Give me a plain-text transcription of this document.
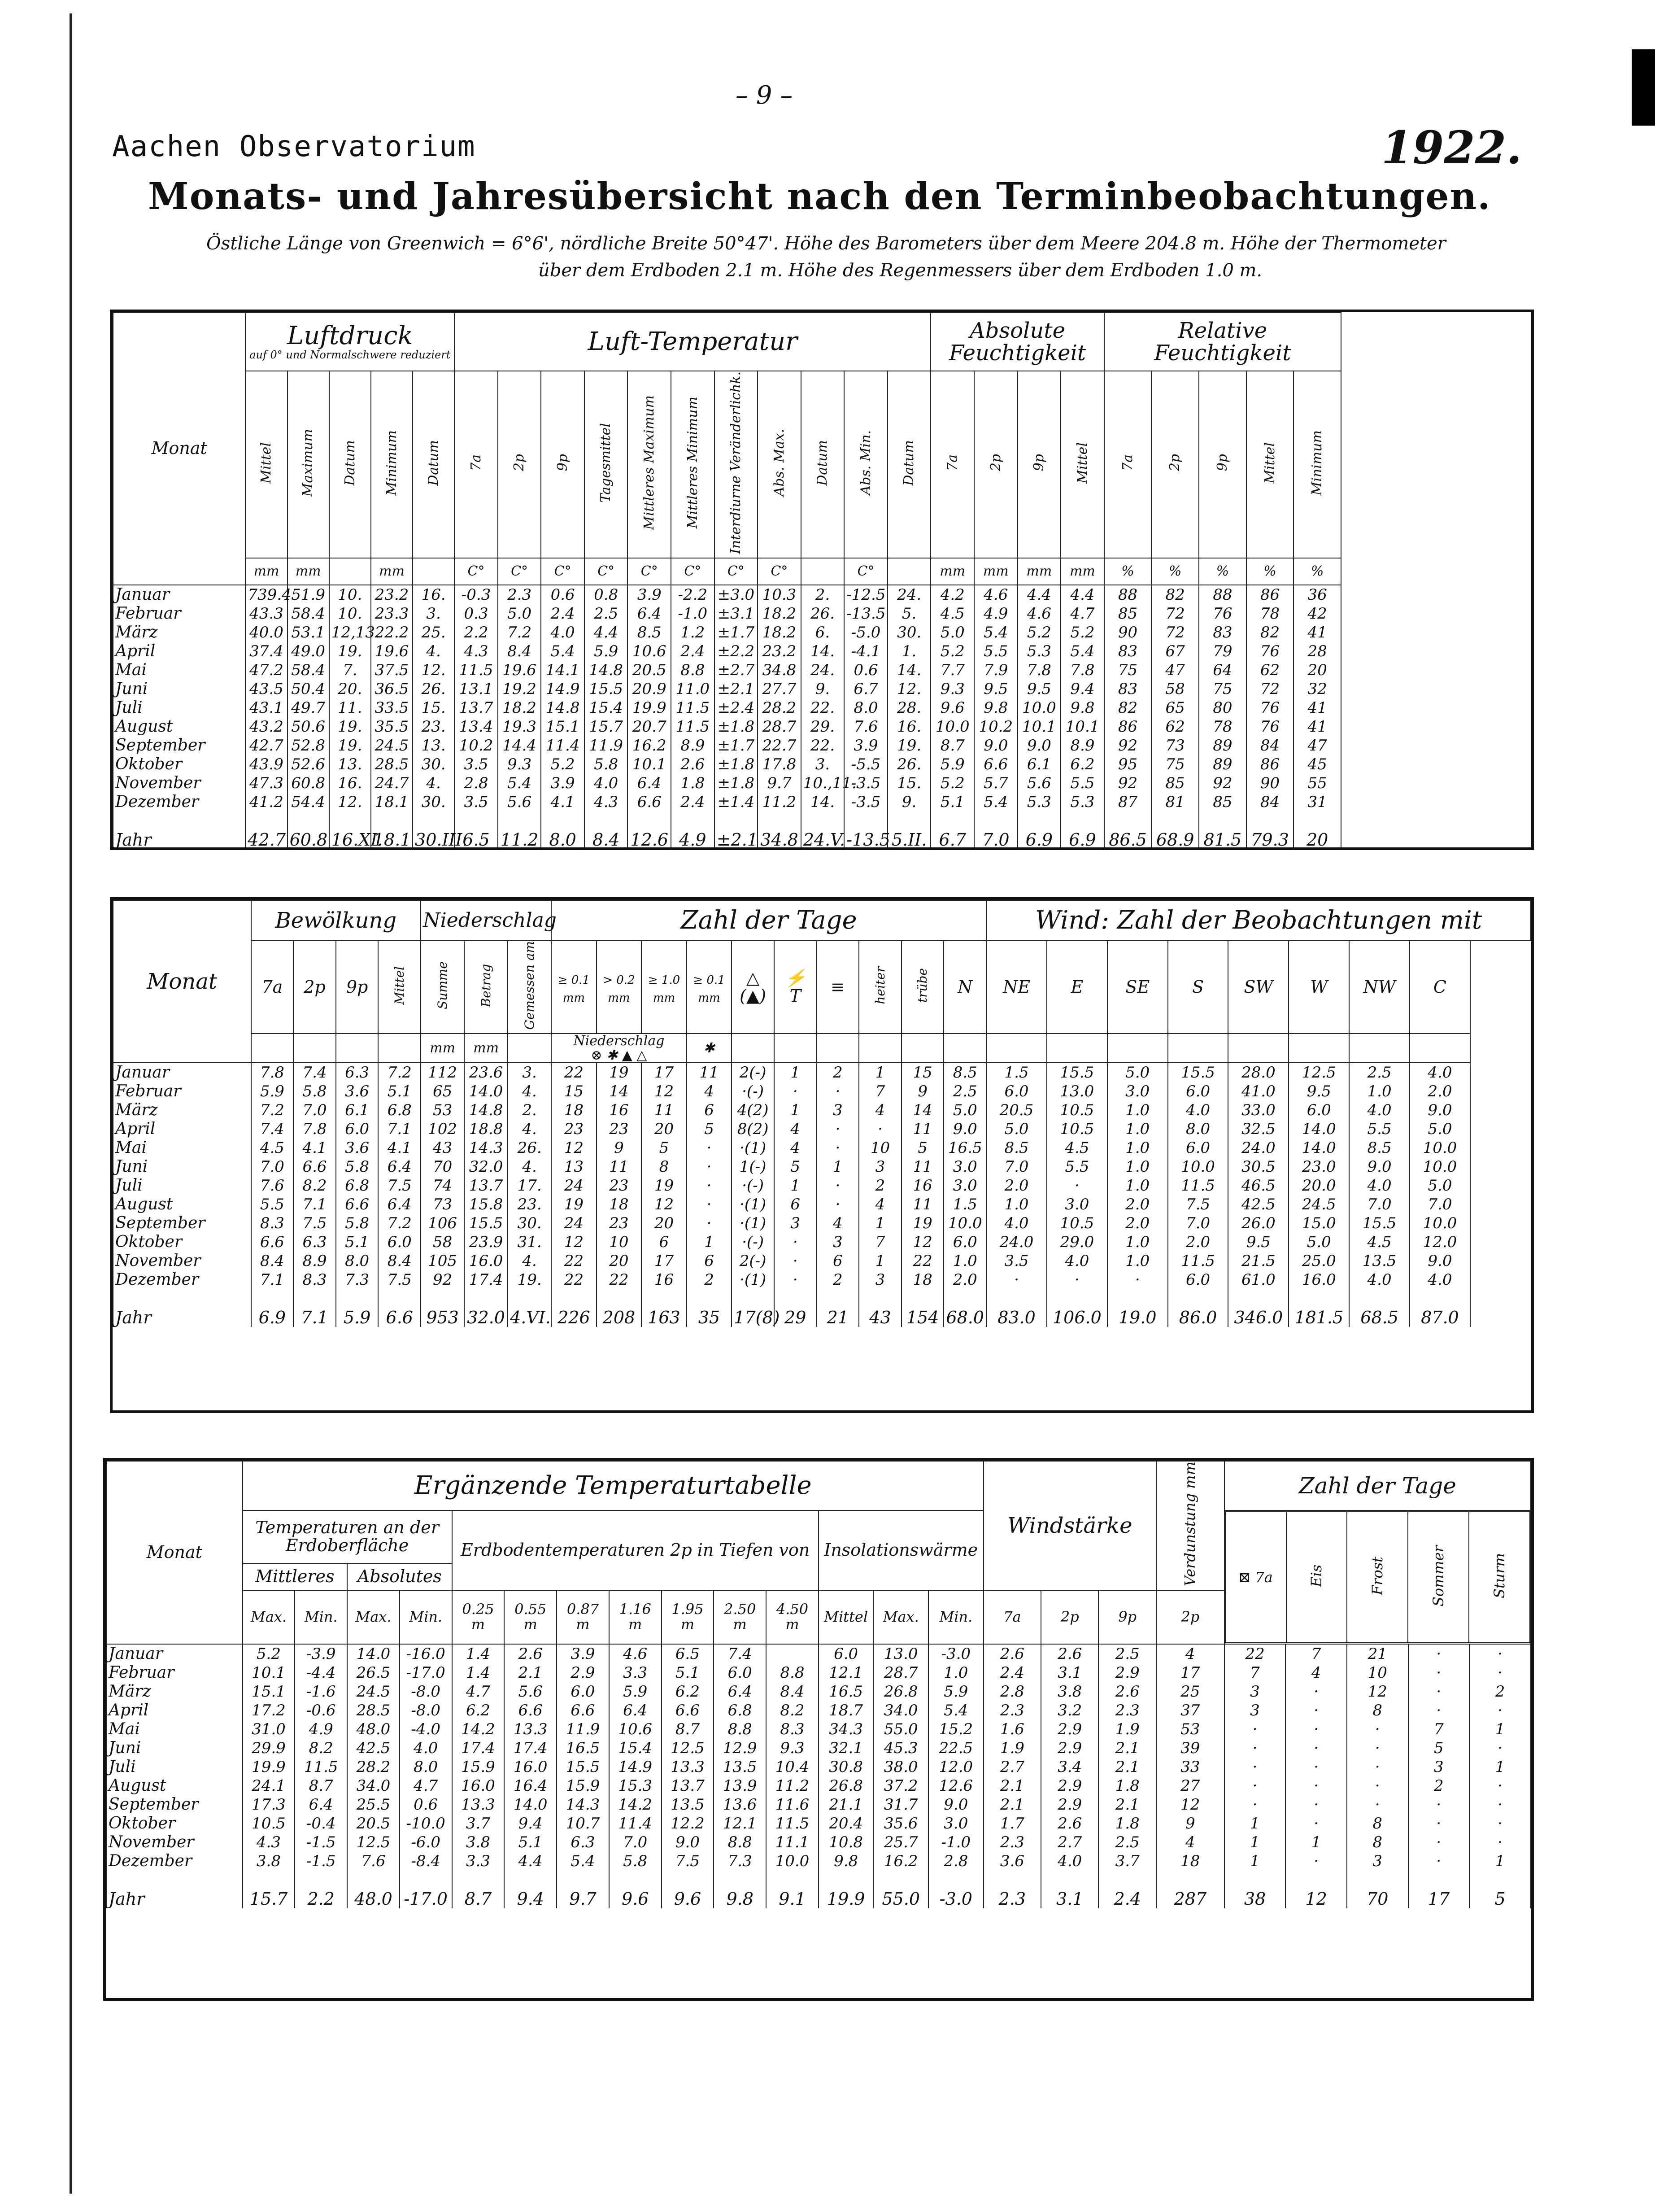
– 9 –
Aachen Observatorium	1922.
Monats- und Jahresübersicht nach den Terminbeobachtungen.
Östliche Länge von Greenwich = 6°6', nördliche Breite 50°47'. Höhe des Barometers über dem Meere 204.8 m. Höhe der Thermometer
über dem Erdboden 2.1 m. Höhe des Regenmessers über dem Erdboden 1.0 m.
Monat	Luftdruck
auf 0° und Normalschwere reduziert					Luft-Temperatur											Absolute Feuchtigkeit				Relative Feuchtigkeit				
	Mittel	Maximum	Datum	Minimum	Datum	7a	2p	9p	Tagesmittel	Mittleres Maximum	Mittleres Minimum	Interdiurne Veränderlichk.	Abs. Max.	Datum	Abs. Min.	Datum	7a	2p	9p	Mittel	7a	2p	9p	Mittel	Minimum
	mm	mm		mm		C°	C°	C°	C°	C°	C°	C°	C°		C°		mm	mm	mm	mm	%	%	%	%	%
Januar	739.4	51.9	10.	23.2	16.	-0.3	2.3	0.6	0.8	3.9	-2.2	±3.0	10.3	2.	-12.5	24.	4.2	4.6	4.4	4.4	88	82	88	86	36
Februar	43.3	58.4	10.	23.3	3.	0.3	5.0	2.4	2.5	6.4	-1.0	±3.1	18.2	26.	-13.5	5.	4.5	4.9	4.6	4.7	85	72	76	78	42
März	40.0	53.1	12,13.	22.2	25.	2.2	7.2	4.0	4.4	8.5	1.2	±1.7	18.2	6.	-5.0	30.	5.0	5.4	5.2	5.2	90	72	83	82	41
April	37.4	49.0	19.	19.6	4.	4.3	8.4	5.4	5.9	10.6	2.4	±2.2	23.2	14.	-4.1	1.	5.2	5.5	5.3	5.4	83	67	79	76	28
Mai	47.2	58.4	7.	37.5	12.	11.5	19.6	14.1	14.8	20.5	8.8	±2.7	34.8	24.	0.6	14.	7.7	7.9	7.8	7.8	75	47	64	62	20
Juni	43.5	50.4	20.	36.5	26.	13.1	19.2	14.9	15.5	20.9	11.0	±2.1	27.7	9.	6.7	12.	9.3	9.5	9.5	9.4	83	58	75	72	32
Juli	43.1	49.7	11.	33.5	15.	13.7	18.2	14.8	15.4	19.9	11.5	±2.4	28.2	22.	8.0	28.	9.6	9.8	10.0	9.8	82	65	80	76	41
August	43.2	50.6	19.	35.5	23.	13.4	19.3	15.1	15.7	20.7	11.5	±1.8	28.7	29.	7.6	16.	10.0	10.2	10.1	10.1	86	62	78	76	41
September	42.7	52.8	19.	24.5	13.	10.2	14.4	11.4	11.9	16.2	8.9	±1.7	22.7	22.	3.9	19.	8.7	9.0	9.0	8.9	92	73	89	84	47
Oktober	43.9	52.6	13.	28.5	30.	3.5	9.3	5.2	5.8	10.1	2.6	±1.8	17.8	3.	-5.5	26.	5.9	6.6	6.1	6.2	95	75	89	86	45
November	47.3	60.8	16.	24.7	4.	2.8	5.4	3.9	4.0	6.4	1.8	±1.8	9.7	10.,11.	-3.5	15.	5.2	5.7	5.6	5.5	92	85	92	90	55
Dezember	41.2	54.4	12.	18.1	30.	3.5	5.6	4.1	4.3	6.6	2.4	±1.4	11.2	14.	-3.5	9.	5.1	5.4	5.3	5.3	87	81	85	84	31

Jahr	42.7	60.8	16.XI.	18.1	30.III.	6.5	11.2	8.0	8.4	12.6	4.9	±2.1	34.8	24.V.	-13.5	5.II.	6.7	7.0	6.9	6.9	86.5	68.9	81.5	79.3	20
Monat	Bewölkung				Niederschlag			Zahl der Tage										Wind: Zahl der Beobachtungen mit							
	7a	2p	9p	Mittel	Summe	Betrag	Gemessen am	≥ 0.1 mm	> 0.2 mm	≥ 1.0 mm	≥ 0.1 mm	△ (▲)	⚡ T	≡	heiter	trübe	N	NE	E	SE	S	SW	W	NW	C
					mm	mm		Niederschlag
⊗ ✱ ▲ △			✱														
Januar	7.8	7.4	6.3	7.2	112	23.6	3.	22	19	17	11	2(-)	1	2	1	15	8.5	1.5	15.5	5.0	15.5	28.0	12.5	2.5	4.0
Februar	5.9	5.8	3.6	5.1	65	14.0	4.	15	14	12	4	·(-)	·	·	7	9	2.5	6.0	13.0	3.0	6.0	41.0	9.5	1.0	2.0
März	7.2	7.0	6.1	6.8	53	14.8	2.	18	16	11	6	4(2)	1	3	4	14	5.0	20.5	10.5	1.0	4.0	33.0	6.0	4.0	9.0
April	7.4	7.8	6.0	7.1	102	18.8	4.	23	23	20	5	8(2)	4	·	·	11	9.0	5.0	10.5	1.0	8.0	32.5	14.0	5.5	5.0
Mai	4.5	4.1	3.6	4.1	43	14.3	26.	12	9	5	·	·(1)	4	·	10	5	16.5	8.5	4.5	1.0	6.0	24.0	14.0	8.5	10.0
Juni	7.0	6.6	5.8	6.4	70	32.0	4.	13	11	8	·	1(-)	5	1	3	11	3.0	7.0	5.5	1.0	10.0	30.5	23.0	9.0	10.0
Juli	7.6	8.2	6.8	7.5	74	13.7	17.	24	23	19	·	·(-)	1	·	2	16	3.0	2.0	·	1.0	11.5	46.5	20.0	4.0	5.0
August	5.5	7.1	6.6	6.4	73	15.8	23.	19	18	12	·	·(1)	6	·	4	11	1.5	1.0	3.0	2.0	7.5	42.5	24.5	7.0	7.0
September	8.3	7.5	5.8	7.2	106	15.5	30.	24	23	20	·	·(1)	3	4	1	19	10.0	4.0	10.5	2.0	7.0	26.0	15.0	15.5	10.0
Oktober	6.6	6.3	5.1	6.0	58	23.9	31.	12	10	6	1	·(-)	·	3	7	12	6.0	24.0	29.0	1.0	2.0	9.5	5.0	4.5	12.0
November	8.4	8.9	8.0	8.4	105	16.0	4.	22	20	17	6	2(-)	·	6	1	22	1.0	3.5	4.0	1.0	11.5	21.5	25.0	13.5	9.0
Dezember	7.1	8.3	7.3	7.5	92	17.4	19.	22	22	16	2	·(1)	·	2	3	18	2.0	·	·	·	6.0	61.0	16.0	4.0	4.0

Jahr	6.9	7.1	5.9	6.6	953	32.0	4.VI.	226	208	163	35	17(8)	29	21	43	154	68.0	83.0	106.0	19.0	86.0	346.0	181.5	68.5	87.0
Monat	Ergänzende Temperaturtabelle	Windstärke	Verdunstung mm	Zahl der Tage
Temperaturen an der Erdoberfläche	Erdbodentemperaturen 2p in Tiefen von	Insolationswärme	
⊠ 7a	Eis	Frost	Sommer	Sturm

Mittleres	Absolutes
Max.	Min.	Max.	Min.	0.25 m	0.55 m	0.87 m	1.16 m	1.95 m	2.50 m	4.50 m	Mittel	Max.	Min.	7a	2p	9p	2p
Januar	5.2	-3.9	14.0	-16.0	1.4	2.6	3.9	4.6	6.5	7.4		6.0	13.0	-3.0	2.6	2.6	2.5	4	22	7	21	·	·
Februar	10.1	-4.4	26.5	-17.0	1.4	2.1	2.9	3.3	5.1	6.0	8.8	12.1	28.7	1.0	2.4	3.1	2.9	17	7	4	10	·	·
März	15.1	-1.6	24.5	-8.0	4.7	5.6	6.0	5.9	6.2	6.4	8.4	16.5	26.8	5.9	2.8	3.8	2.6	25	3	·	12	·	2
April	17.2	-0.6	28.5	-8.0	6.2	6.6	6.6	6.4	6.6	6.8	8.2	18.7	34.0	5.4	2.3	3.2	2.3	37	3	·	8	·	·
Mai	31.0	4.9	48.0	-4.0	14.2	13.3	11.9	10.6	8.7	8.8	8.3	34.3	55.0	15.2	1.6	2.9	1.9	53	·	·	·	7	1
Juni	29.9	8.2	42.5	4.0	17.4	17.4	16.5	15.4	12.5	12.9	9.3	32.1	45.3	22.5	1.9	2.9	2.1	39	·	·	·	5	·
Juli	19.9	11.5	28.2	8.0	15.9	16.0	15.5	14.9	13.3	13.5	10.4	30.8	38.0	12.0	2.7	3.4	2.1	33	·	·	·	3	1
August	24.1	8.7	34.0	4.7	16.0	16.4	15.9	15.3	13.7	13.9	11.2	26.8	37.2	12.6	2.1	2.9	1.8	27	·	·	·	2	·
September	17.3	6.4	25.5	0.6	13.3	14.0	14.3	14.2	13.5	13.6	11.6	21.1	31.7	9.0	2.1	2.9	2.1	12	·	·	·	·	·
Oktober	10.5	-0.4	20.5	-10.0	3.7	9.4	10.7	11.4	12.2	12.1	11.5	20.4	35.6	3.0	1.7	2.6	1.8	9	1	·	8	·	·
November	4.3	-1.5	12.5	-6.0	3.8	5.1	6.3	7.0	9.0	8.8	11.1	10.8	25.7	-1.0	2.3	2.7	2.5	4	1	1	8	·	·
Dezember	3.8	-1.5	7.6	-8.4	3.3	4.4	5.4	5.8	7.5	7.3	10.0	9.8	16.2	2.8	3.6	4.0	3.7	18	1	·	3	·	1

Jahr	15.7	2.2	48.0	-17.0	8.7	9.4	9.7	9.6	9.6	9.8	9.1	19.9	55.0	-3.0	2.3	3.1	2.4	287	38	12	70	17	5
